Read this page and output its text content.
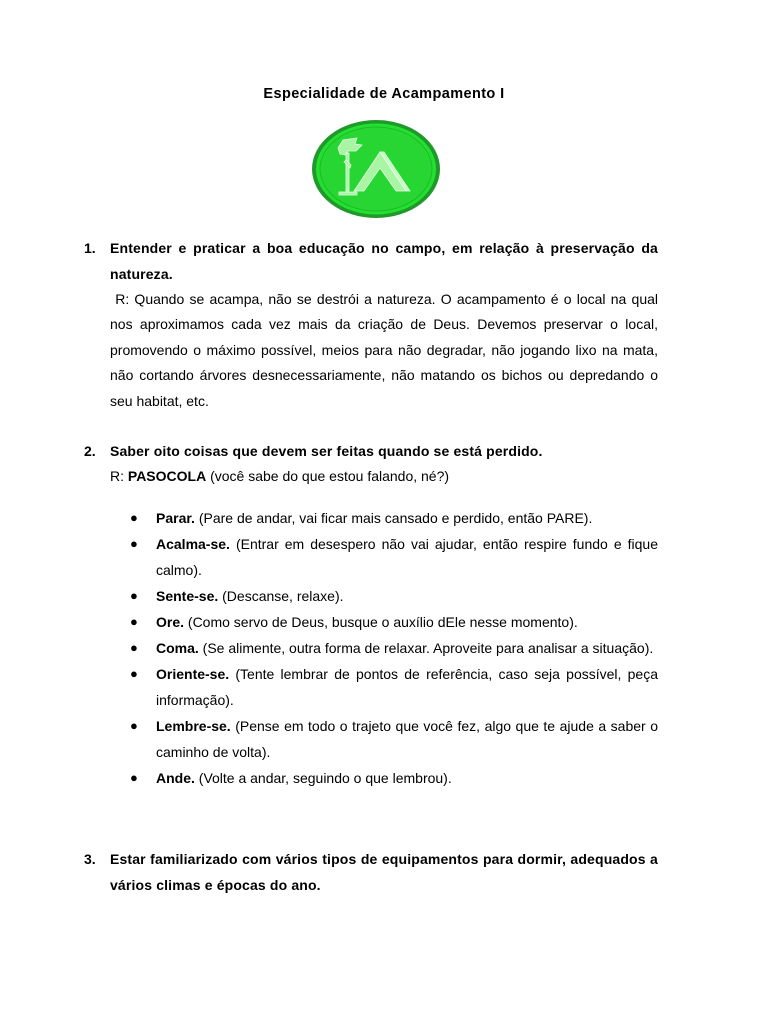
Especialidade de Acampamento I
1. Entender e praticar a boa educação no campo, em relação à preservação da natureza.
R: Quando se acampa, não se destrói a natureza. O acampamento é o local na qual nos aproximamos cada vez mais da criação de Deus. Devemos preservar o local, promovendo o máximo possível, meios para não degradar, não jogando lixo na mata, não cortando árvores desnecessariamente, não matando os bichos ou depredando o seu habitat, etc.
2. Saber oito coisas que devem ser feitas quando se está perdido.
R: PASOCOLA (você sabe do que estou falando, né?)
● Parar. (Pare de andar, vai ficar mais cansado e perdido, então PARE).
● Acalma-se. (Entrar em desespero não vai ajudar, então respire fundo e fique calmo).
● Sente-se. (Descanse, relaxe).
● Ore. (Como servo de Deus, busque o auxílio dEle nesse momento).
● Coma. (Se alimente, outra forma de relaxar. Aproveite para analisar a situação).
● Oriente-se. (Tente lembrar de pontos de referência, caso seja possível, peça informação).
● Lembre-se. (Pense em todo o trajeto que você fez, algo que te ajude a saber o caminho de volta).
● Ande. (Volte a andar, seguindo o que lembrou).
3. Estar familiarizado com vários tipos de equipamentos para dormir, adequados a vários climas e épocas do ano.
